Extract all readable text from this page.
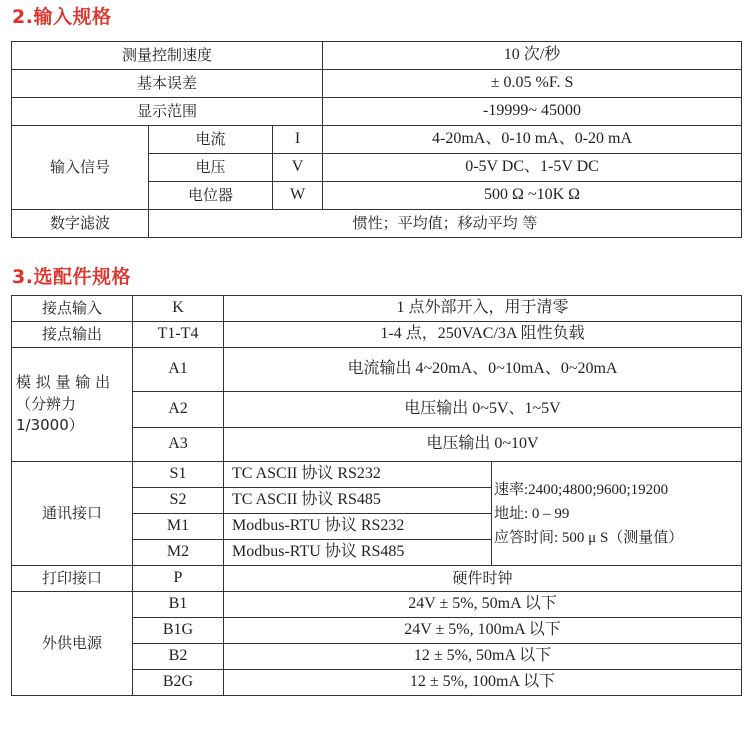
2.输入规格
测量控制速度			10 次/秒
基本误差			± 0.05 %F. S
显示范围			-19999~ 45000
输入信号	电流	I	4-20mA、0-10 mA、0-20 mA
	电压	V	0-5V DC、1-5V DC
	电位器	W	500 Ω ~10K Ω
数字滤波	惯性；平均值；移动平均 等		
3.选配件规格
接点输入	K	1 点外部开入，用于清零	
接点输出	T1-T4	1-4 点，250VAC/3A 阻性负载	
模 拟 量 输 出 （分辨力 1/3000）	A1	电流输出 4~20mA、0~10mA、0~20mA	
	A2	电压输出 0~5V、1~5V	
	A3	电压输出 0~10V	
通讯接口	S1	TC ASCII 协议 RS232	速率:2400;4800;9600;19200
地址: 0 – 99
应答时间: 500 μ S（测量值）

	S2	TC ASCII 协议 RS485	
	M1	Modbus-RTU 协议 RS232	
	M2	Modbus-RTU 协议 RS485	
打印接口	P	硬件时钟	
外供电源	B1	24V ± 5%, 50mA 以下	
	B1G	24V ± 5%, 100mA 以下	
	B2	12 ± 5%, 50mA 以下	
	B2G	12 ± 5%, 100mA 以下	
